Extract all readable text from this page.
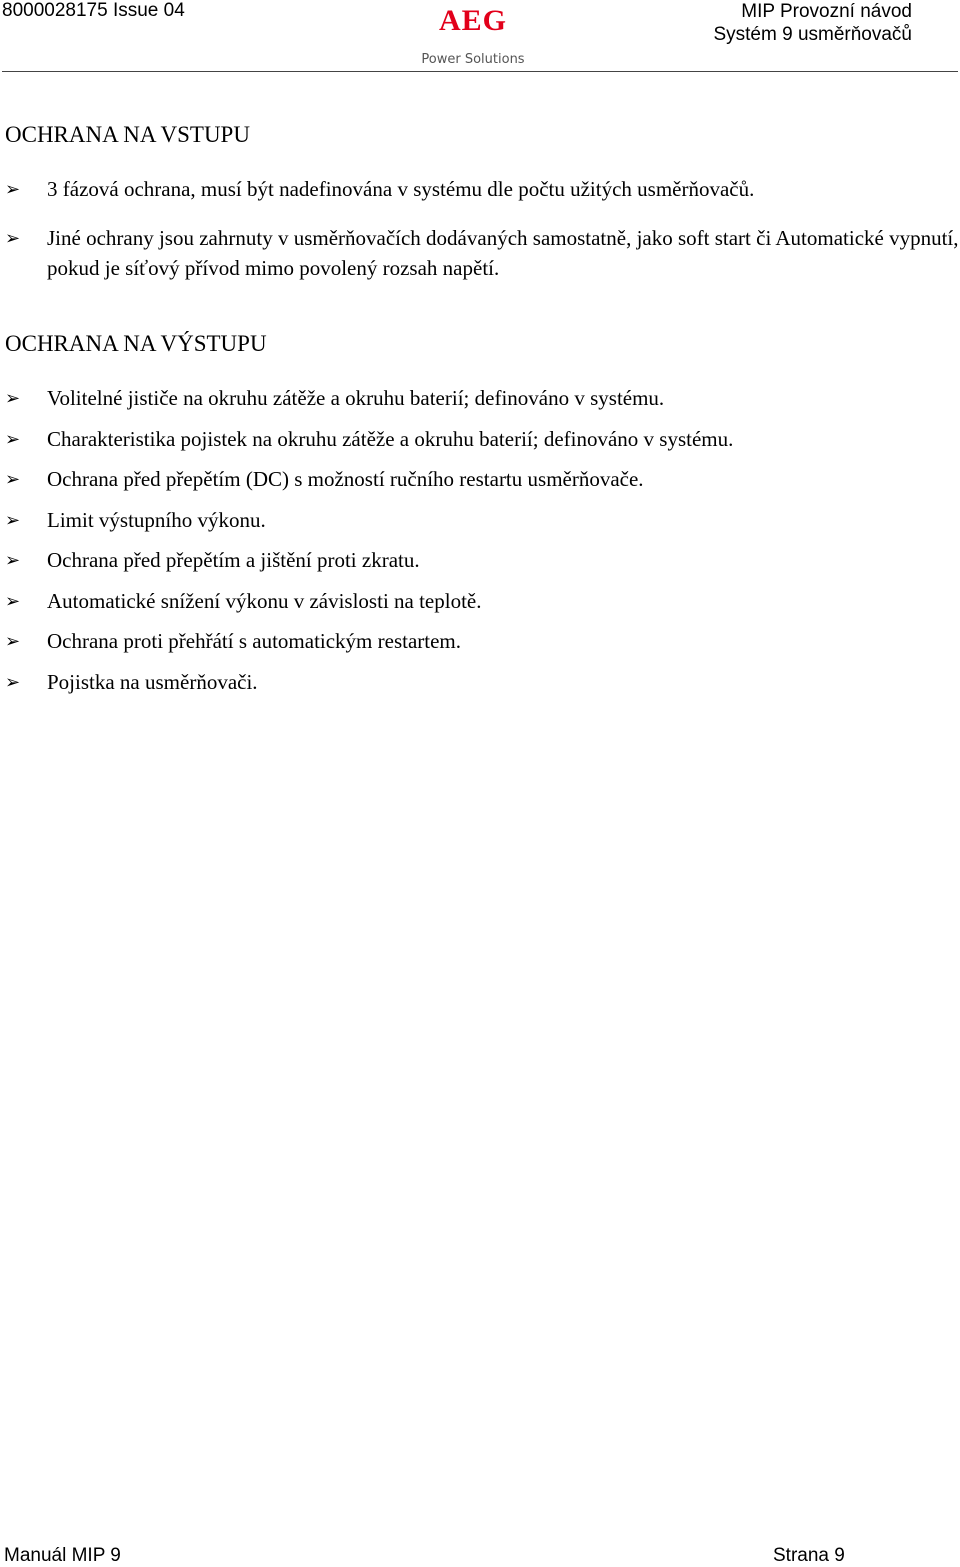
8000028175 Issue 04	AEG
Power Solutions
MIP Provozní návod
Systém 9 usměrňovačů
OCHRANA NA VSTUPU
➢ 3 fázová ochrana, musí být nadefinována v systému dle počtu užitých usměrňovačů.
➢ Jiné ochrany jsou zahrnuty v usměrňovačích dodávaných samostatně, jako soft start či Automatické vypnutí, pokud je síťový přívod mimo povolený rozsah napětí.
OCHRANA NA VÝSTUPU
➢ Volitelné jističe na okruhu zátěže a okruhu baterií; definováno v systému.
➢ Charakteristika pojistek na okruhu zátěže a okruhu baterií; definováno v systému.
➢ Ochrana před přepětím (DC) s možností ručního restartu usměrňovače.
➢ Limit výstupního výkonu.
➢ Ochrana před přepětím a jištění proti zkratu.
➢ Automatické snížení výkonu v závislosti na teplotě.
➢ Ochrana proti přehřátí s automatickým restartem.
➢ Pojistka na usměrňovači.
Manuál MIP 9	Strana 9
